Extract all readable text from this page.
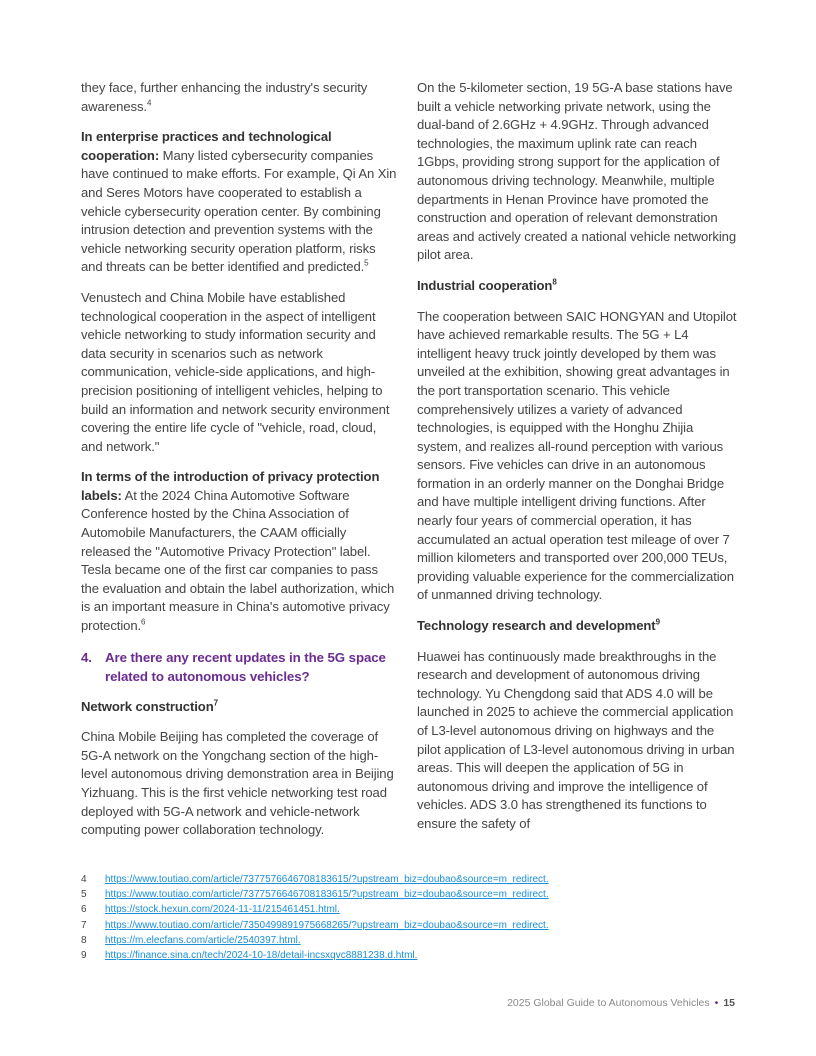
they face, further enhancing the industry's security awareness.$^4$

In enterprise practices and technological cooperation: Many listed cybersecurity companies have continued to make efforts. For example, Qi An Xin and Seres Motors have cooperated to establish a vehicle cybersecurity operation center. By combining intrusion detection and prevention systems with the vehicle networking security operation platform, risks and threats can be better identified and predicted.$^5$

Venustech and China Mobile have established technological cooperation in the aspect of intelligent vehicle networking to study information security and data security in scenarios such as network communication, vehicle-side applications, and high-precision positioning of intelligent vehicles, helping to build an information and network security environment covering the entire life cycle of "vehicle, road, cloud, and network."

In terms of the introduction of privacy protection labels: At the 2024 China Automotive Software Conference hosted by the China Association of Automobile Manufacturers, the CAAM officially released the "Automotive Privacy Protection" label. Tesla became one of the first car companies to pass the evaluation and obtain the label authorization, which is an important measure in China's automotive privacy protection.$^6$

4. Are there any recent updates in the 5G space related to autonomous vehicles?
Network construction$^7$

China Mobile Beijing has completed the coverage of 5G-A network on the Yongchang section of the high-level autonomous driving demonstration area in Beijing Yizhuang. This is the first vehicle networking test road deployed with 5G-A network and vehicle-network computing power collaboration technology.

On the 5-kilometer section, 19 5G-A base stations have built a vehicle networking private network, using the dual-band of 2.6GHz + 4.9GHz. Through advanced technologies, the maximum uplink rate can reach 1Gbps, providing strong support for the application of autonomous driving technology. Meanwhile, multiple departments in Henan Province have promoted the construction and operation of relevant demonstration areas and actively created a national vehicle networking pilot area.

Industrial cooperation$^8$

The cooperation between SAIC HONGYAN and Utopilot have achieved remarkable results. The 5G + L4 intelligent heavy truck jointly developed by them was unveiled at the exhibition, showing great advantages in the port transportation scenario. This vehicle comprehensively utilizes a variety of advanced technologies, is equipped with the Honghu Zhijia system, and realizes all-round perception with various sensors. Five vehicles can drive in an autonomous formation in an orderly manner on the Donghai Bridge and have multiple intelligent driving functions. After nearly four years of commercial operation, it has accumulated an actual operation test mileage of over 7 million kilometers and transported over 200,000 TEUs, providing valuable experience for the commercialization of unmanned driving technology.

Technology research and development$^9$

Huawei has continuously made breakthroughs in the research and development of autonomous driving technology. Yu Chengdong said that ADS 4.0 will be launched in 2025 to achieve the commercial application of L3-level autonomous driving on highways and the pilot application of L3-level autonomous driving in urban areas. This will deepen the application of 5G in autonomous driving and improve the intelligence of vehicles. ADS 3.0 has strengthened its functions to ensure the safety of

4	https://www.toutiao.com/article/7377576646708183615/?upstream_biz=doubao&source=m_redirect.
5	https://www.toutiao.com/article/7377576646708183615/?upstream_biz=doubao&source=m_redirect.
6	https://stock.hexun.com/2024-11-11/215461451.html.
7	https://www.toutiao.com/article/7350499891975668265/?upstream_biz=doubao&source=m_redirect.
8	https://m.elecfans.com/article/2540397.html.
9	https://finance.sina.cn/tech/2024-10-18/detail-incsxqvc8881238.d.html.
2025 Global Guide to Autonomous Vehicles • 15
